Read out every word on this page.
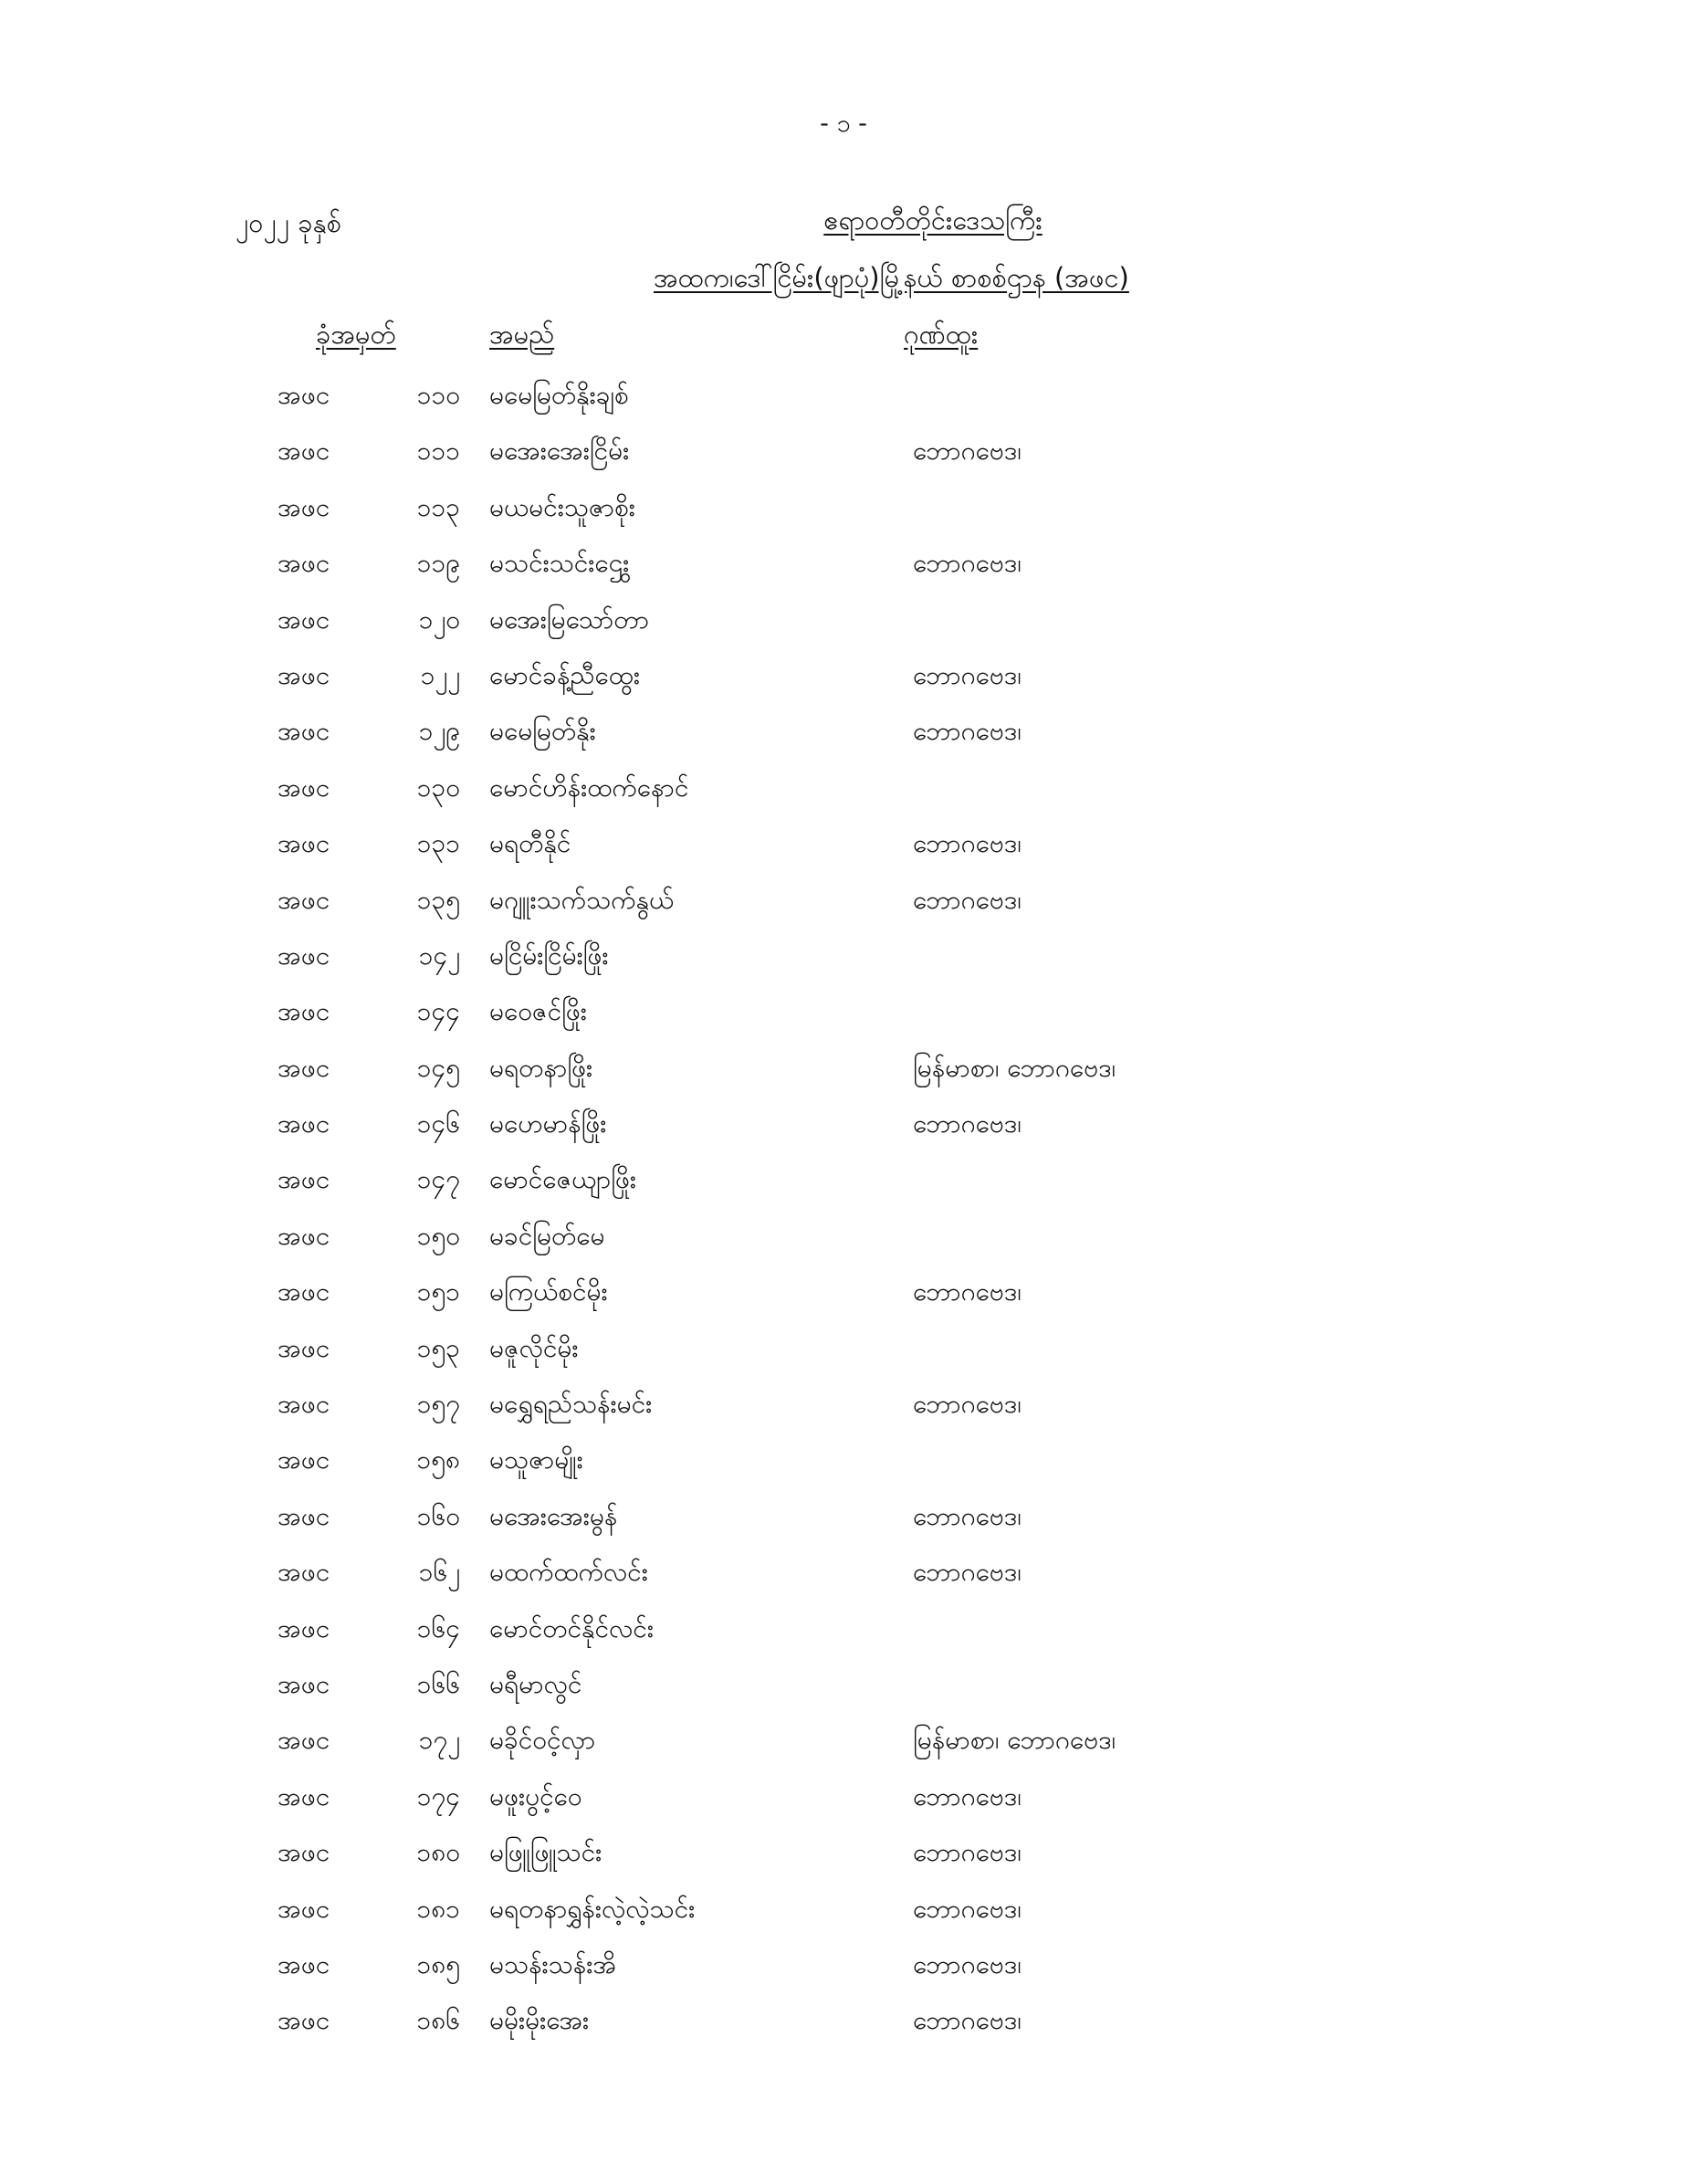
- ၁ -
၂၀၂၂ ခုနှစ်	ဧရာဝတီတိုင်းဒေသကြီး
အထက၊ဒေါ်ငြိမ်း(ဖျာပုံ)မြို့နယ် စာစစ်ဌာန (အဖင)
ခုံအမှတ်	အမည်	ဂုဏ်ထူး
အဖင	၁၁၀ မမေမြတ်နိုးချစ်
အဖင	၁၁၁ မအေးအေးငြိမ်း	ဘောဂဗေဒ၊
အဖင	၁၁၃ မယမင်းသူဇာစိုး
အဖင	၁၁၉ မသင်းသင်းဌွေး	ဘောဂဗေဒ၊
အဖင	၁၂၀ မအေးမြသော်တာ
အဖင	၁၂၂ မောင်ခန့်ညီထွေး	ဘောဂဗေဒ၊
အဖင	၁၂၉ မမေမြတ်နိုး	ဘောဂဗေဒ၊
အဖင	၁၃၀ မောင်ဟိန်းထက်နောင်
အဖင	၁၃၁ မရတီနိုင်	ဘောဂဗေဒ၊
အဖင	၁၃၅ မဂျူးသက်သက်နွယ်	ဘောဂဗေဒ၊
အဖင	၁၄၂ မငြိမ်းငြိမ်းဖြိုး
အဖင	၁၄၄ မဝေဇင်ဖြိုး
အဖင	၁၄၅ မရတနာဖြိုး	မြန်မာစာ၊ ဘောဂဗေဒ၊
အဖင	၁၄၆ မဟေမာန်ဖြိုး	ဘောဂဗေဒ၊
အဖင	၁၄၇ မောင်ဇေယျာဖြိုး
အဖင	၁၅၀ မခင်မြတ်မေ
အဖင	၁၅၁ မကြယ်စင်မိုး	ဘောဂဗေဒ၊
အဖင	၁၅၃ မဇူလိုင်မိုး
အဖင	၁၅၇ မရွှေရည်သန်းမင်း	ဘောဂဗေဒ၊
အဖင	၁၅၈ မသူဇာမျိုး
အဖင	၁၆၀ မအေးအေးမွန်	ဘောဂဗေဒ၊
အဖင	၁၆၂ မထက်ထက်လင်း	ဘောဂဗေဒ၊
အဖင	၁၆၄ မောင်တင်နိုင်လင်း
အဖင	၁၆၆ မရီမာလွင်
အဖင	၁၇၂ မခိုင်ဝင့်လှာ	မြန်မာစာ၊ ဘောဂဗေဒ၊
အဖင	၁၇၄ မဖူးပွင့်ဝေ	ဘောဂဗေဒ၊
အဖင	၁၈၀ မဖြူဖြူသင်း	ဘောဂဗေဒ၊
အဖင	၁၈၁ မရတနာရွှန်းလဲ့လဲ့သင်း	ဘောဂဗေဒ၊
အဖင	၁၈၅ မသန်းသန်းအိ	ဘောဂဗေဒ၊
အဖင	၁၈၆ မမိုးမိုးအေး	ဘောဂဗေဒ၊
